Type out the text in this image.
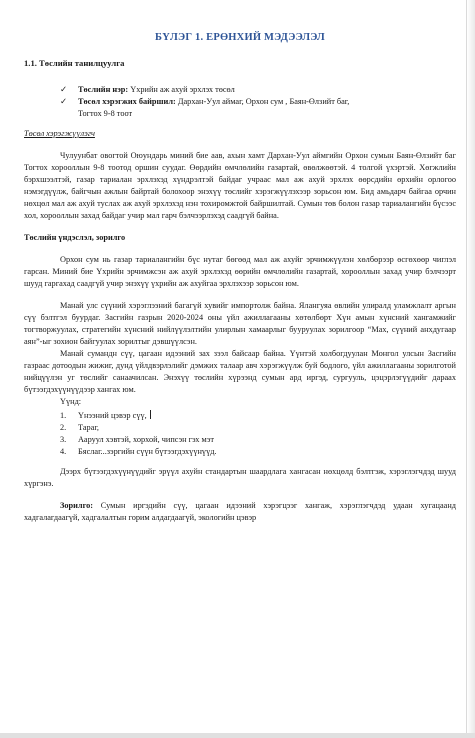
БҮЛЭГ 1. ЕРӨНХИЙ МЭДЭЭЛЭЛ
1.1. Төслийн танилцуулга
✓ Төслийн нэр: Үхрийн аж ахуй эрхлэх төсөл
✓ Төсөл хэрэгжих байршил: Дархан-Уул аймаг, Орхон сум , Баян-Өлзийт баг,
Тогтох 9-8 тоот
Төсөл хэрэгжүүлэгч

Чулуунбат овогтой Оюундарь миний бие аав, ахын хамт Дархан-Уул аймгийн Орхон сумын Баян-Өлзийт баг Тогтох хорооллын 9-8 тоотод оршин суудаг. Өөрдийн өмчлөлийн газартай, өвөлжөөтэй. 4 толгой үхэртэй. Хөгжлийн бэрхшээлтэй, газар тариалан эрхлэхэд хүндрэлтэй байдаг учраас мал аж ахуй эрхлэх өөрсдийн өрхийн орлогоо нэмэгдүүлж, байгчын ажлын байртай болохоор энэхүү төслийг хэрэгжүүлэхээр зорьсон юм. Бид амьдарч байгаа орчин нөхцөл мал аж ахуй туслах аж ахуй эрхлэхэд нэн тохиромжтой байршилтай. Сумын төв болон газар тариалангийн бүсээс хол, хорооллын захад байдаг учир мал гарч бэлчээрлэхэд саадгүй байна.

Төслийн үндэслэл, зорилго

Орхон сум нь газар тариалангийн бүс нутаг бөгөөд мал аж ахуйг эрчимжүүлэн хөлбөрээр өсгөхөөр чиглэл гарсан. Миний бие Үхрийн эрчимжсэн аж ахуй эрхлэхэд өөрийн өмчлөлийн газартай, хорооллын захад учир бэлчээрт шууд гаргахад саадгүй учир энэхүү үхрийн аж ахуйгаа эрхлэхээр зорьсон юм.

Манай улс сүүний хэрэглээний багагүй хувийг импортолж байна. Ялангуяа өвлийн улиралд уламжлалт аргын сүү бэлтгэл буурдаг. Засгийн газрын 2020-2024 оны үйл ажиллагааны хөтөлбөрт Хүн амын хүнсний хангамжийг тогтворжуулах, стратегийн хүнсний нийлүүлэлтийн улирлын хамаарлыг бууруулах зорилгоор “Мах, сүүний анхдугаар аян”-ыг зохион байгуулах зорилтыг дэвшүүлсэн.

Манай сумандн сүү, цагаан идээний зах зээл байсаар байна. Үүнтэй холбогдуулан Монгол улсын Засгийн газраас дотоодын жижиг, дунд үйлдвэрлэлийг дэмжих талаар авч хэрэгжүүлж буй бодлого, үйл ажиллагааны зорилготой нийцүүлэн уг төслийг санаачилсан. Энэхүү төслийн хүрээнд сумын ард иргэд, сургууль, цэцэрлэгүүдийг дараах бүтээгдэхүүнүүдээр хангах юм.

Үүнд:
1. Үнээний цэвэр сүү,
2. Тараг,
3. Ааруул хэвтэй, хорхой, чипсэн гэх мэт
4. Бяслаг...зэргийн сүүн бүтээгдэхүүнүүд.

Дээрх бүтээгдэхүүнүүдийг эрүүл ахуйн стандартын шаардлага хангасан нөхцөлд бэлтгэж, хэрэглэгчдэд шууд хүргэнэ.

Зорилго: Сумын иргэдийн сүү, цагаан идээний хэрэгцээг хангаж, хэрэглэгчдэд удаан хугацаанд хадгалагдаагүй, хадгалалтын горим алдагдаагүй, экологийн цэвэр
